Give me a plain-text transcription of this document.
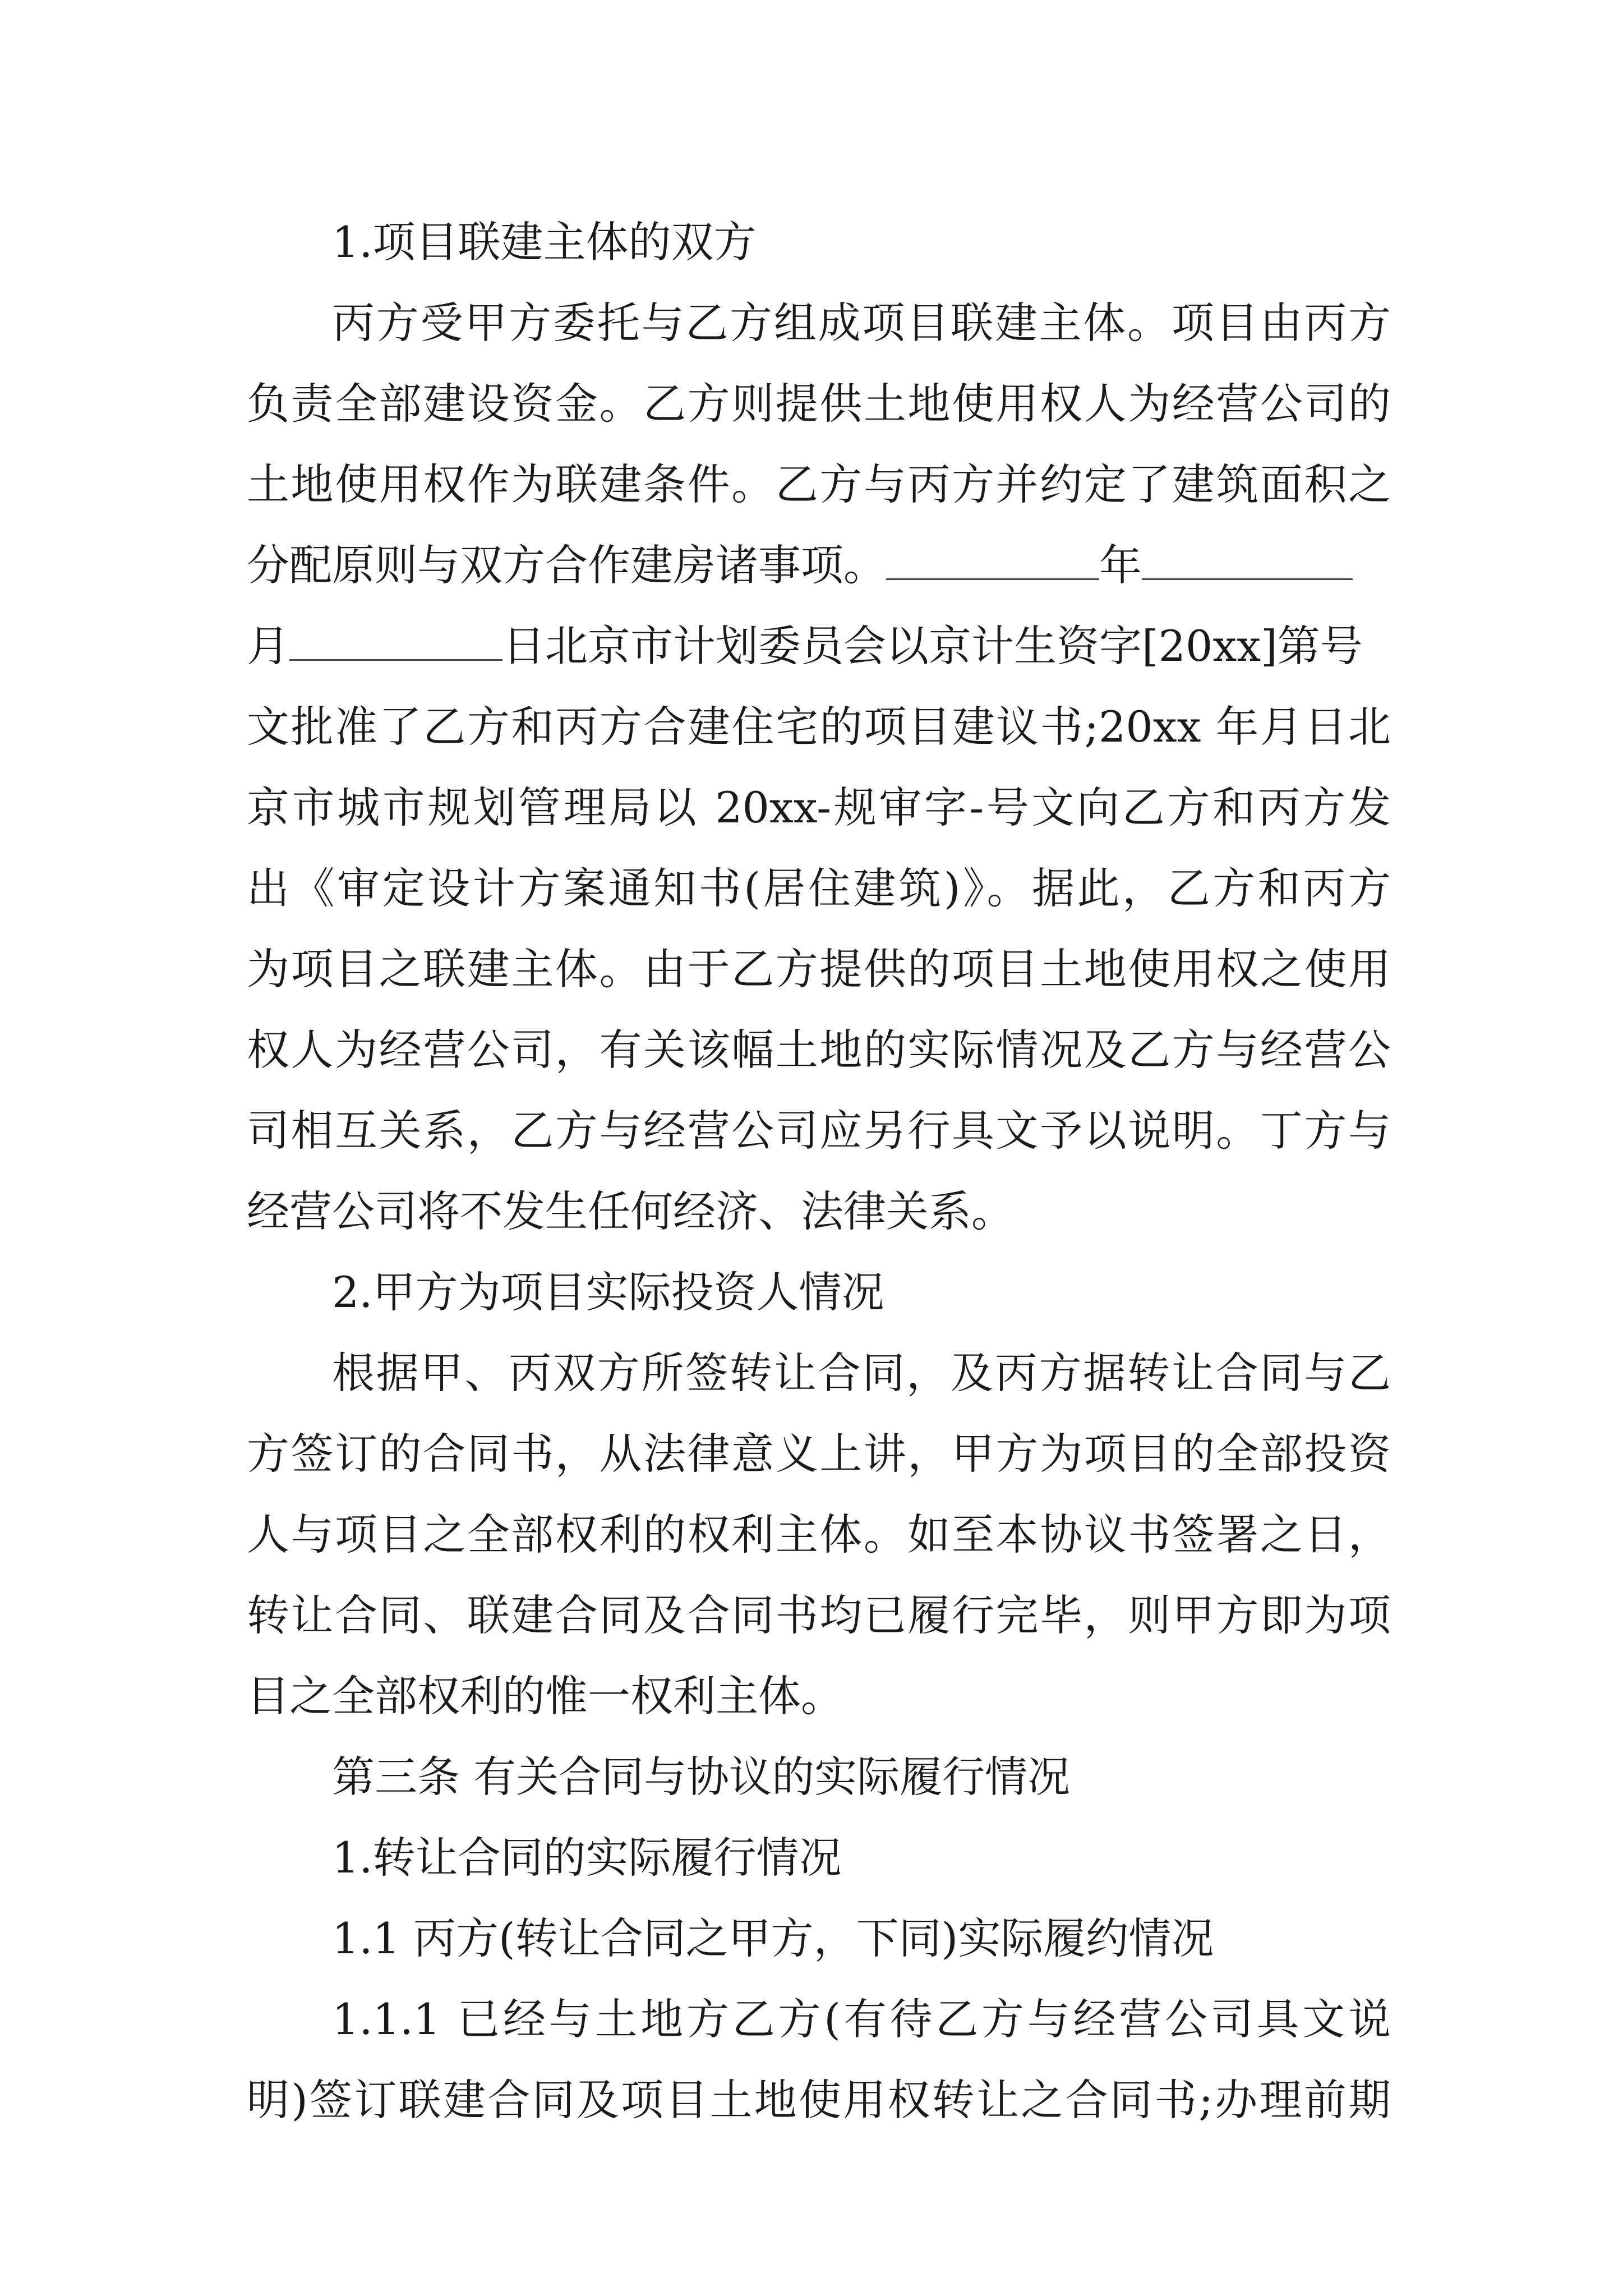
1.项目联建主体的双方
丙方受甲方委托与乙方组成项目联建主体。项目由丙方
负责全部建设资金。乙方则提供土地使用权人为经营公司的
土地使用权作为联建条件。乙方与丙方并约定了建筑面积之
分配原则与双方合作建房诸事项。	年
月	日北京市计划委员会以京计生资字[20xx]第号
文批准了乙方和丙方合建住宅的项目建议书;20xx 年月日北
京市城市规划管理局以 20xx-规审字-号文向乙方和丙方发
出《审定设计方案通知书(居住建筑)》。据此，乙方和丙方
为项目之联建主体。由于乙方提供的项目土地使用权之使用
权人为经营公司，有关该幅土地的实际情况及乙方与经营公
司相互关系，乙方与经营公司应另行具文予以说明。丁方与
经营公司将不发生任何经济、法律关系。
2.甲方为项目实际投资人情况
根据甲、丙双方所签转让合同，及丙方据转让合同与乙
方签订的合同书，从法律意义上讲，甲方为项目的全部投资
人与项目之全部权利的权利主体。如至本协议书签署之日，
转让合同、联建合同及合同书均已履行完毕，则甲方即为项
目之全部权利的惟一权利主体。
第三条 有关合同与协议的实际履行情况
1.转让合同的实际履行情况
1.1 丙方(转让合同之甲方，下同)实际履约情况
1.1.1 已经与土地方乙方(有待乙方与经营公司具文说
明)签订联建合同及项目土地使用权转让之合同书;办理前期
